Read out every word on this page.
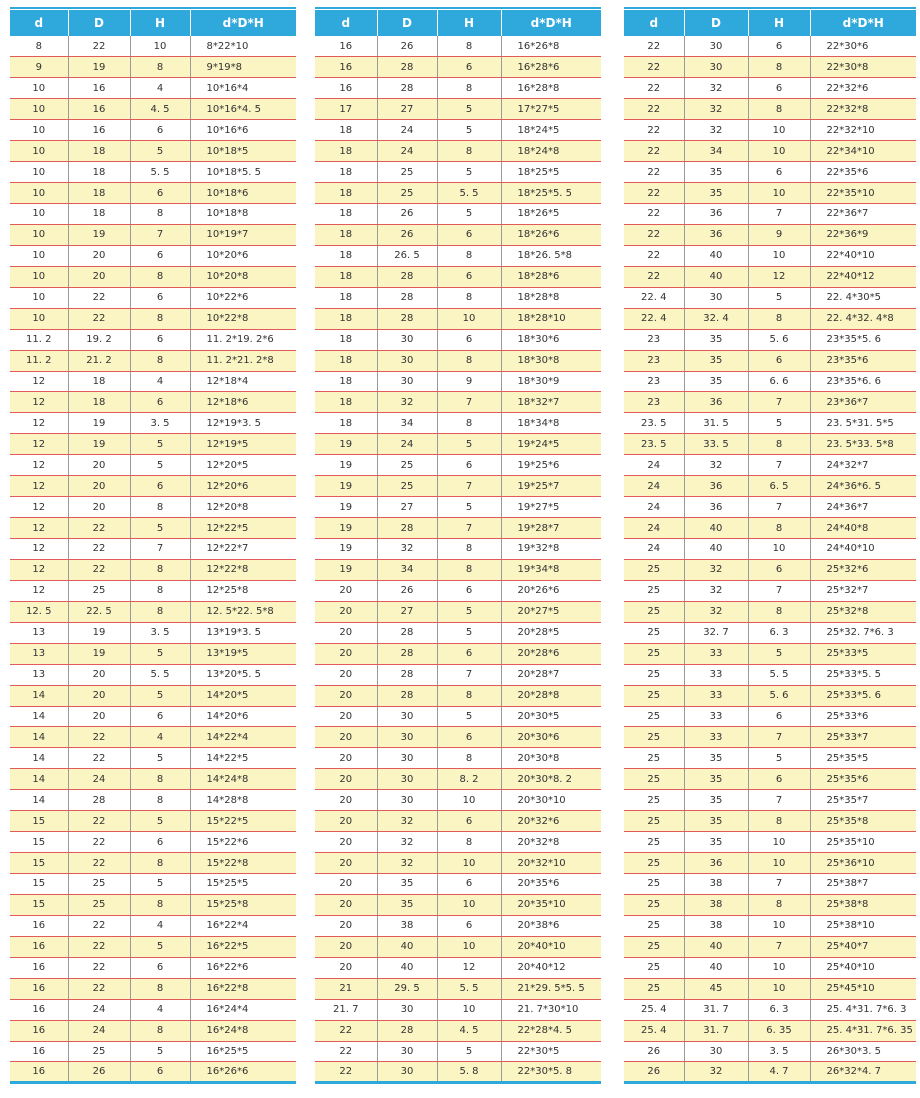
d	D	H	d*D*H
8	22	10	8*22*10
9	19	8	9*19*8
10	16	4	10*16*4
10	16	4. 5	10*16*4. 5
10	16	6	10*16*6
10	18	5	10*18*5
10	18	5. 5	10*18*5. 5
10	18	6	10*18*6
10	18	8	10*18*8
10	19	7	10*19*7
10	20	6	10*20*6
10	20	8	10*20*8
10	22	6	10*22*6
10	22	8	10*22*8
11. 2	19. 2	6	11. 2*19. 2*6
11. 2	21. 2	8	11. 2*21. 2*8
12	18	4	12*18*4
12	18	6	12*18*6
12	19	3. 5	12*19*3. 5
12	19	5	12*19*5
12	20	5	12*20*5
12	20	6	12*20*6
12	20	8	12*20*8
12	22	5	12*22*5
12	22	7	12*22*7
12	22	8	12*22*8
12	25	8	12*25*8
12. 5	22. 5	8	12. 5*22. 5*8
13	19	3. 5	13*19*3. 5
13	19	5	13*19*5
13	20	5. 5	13*20*5. 5
14	20	5	14*20*5
14	20	6	14*20*6
14	22	4	14*22*4
14	22	5	14*22*5
14	24	8	14*24*8
14	28	8	14*28*8
15	22	5	15*22*5
15	22	6	15*22*6
15	22	8	15*22*8
15	25	5	15*25*5
15	25	8	15*25*8
16	22	4	16*22*4
16	22	5	16*22*5
16	22	6	16*22*6
16	22	8	16*22*8
16	24	4	16*24*4
16	24	8	16*24*8
16	25	5	16*25*5
16	26	6	16*26*6
d	D	H	d*D*H
16	26	8	16*26*8
16	28	6	16*28*6
16	28	8	16*28*8
17	27	5	17*27*5
18	24	5	18*24*5
18	24	8	18*24*8
18	25	5	18*25*5
18	25	5. 5	18*25*5. 5
18	26	5	18*26*5
18	26	6	18*26*6
18	26. 5	8	18*26. 5*8
18	28	6	18*28*6
18	28	8	18*28*8
18	28	10	18*28*10
18	30	6	18*30*6
18	30	8	18*30*8
18	30	9	18*30*9
18	32	7	18*32*7
18	34	8	18*34*8
19	24	5	19*24*5
19	25	6	19*25*6
19	25	7	19*25*7
19	27	5	19*27*5
19	28	7	19*28*7
19	32	8	19*32*8
19	34	8	19*34*8
20	26	6	20*26*6
20	27	5	20*27*5
20	28	5	20*28*5
20	28	6	20*28*6
20	28	7	20*28*7
20	28	8	20*28*8
20	30	5	20*30*5
20	30	6	20*30*6
20	30	8	20*30*8
20	30	8. 2	20*30*8. 2
20	30	10	20*30*10
20	32	6	20*32*6
20	32	8	20*32*8
20	32	10	20*32*10
20	35	6	20*35*6
20	35	10	20*35*10
20	38	6	20*38*6
20	40	10	20*40*10
20	40	12	20*40*12
21	29. 5	5. 5	21*29. 5*5. 5
21. 7	30	10	21. 7*30*10
22	28	4. 5	22*28*4. 5
22	30	5	22*30*5
22	30	5. 8	22*30*5. 8
d	D	H	d*D*H
22	30	6	22*30*6
22	30	8	22*30*8
22	32	6	22*32*6
22	32	8	22*32*8
22	32	10	22*32*10
22	34	10	22*34*10
22	35	6	22*35*6
22	35	10	22*35*10
22	36	7	22*36*7
22	36	9	22*36*9
22	40	10	22*40*10
22	40	12	22*40*12
22. 4	30	5	22. 4*30*5
22. 4	32. 4	8	22. 4*32. 4*8
23	35	5. 6	23*35*5. 6
23	35	6	23*35*6
23	35	6. 6	23*35*6. 6
23	36	7	23*36*7
23. 5	31. 5	5	23. 5*31. 5*5
23. 5	33. 5	8	23. 5*33. 5*8
24	32	7	24*32*7
24	36	6. 5	24*36*6. 5
24	36	7	24*36*7
24	40	8	24*40*8
24	40	10	24*40*10
25	32	6	25*32*6
25	32	7	25*32*7
25	32	8	25*32*8
25	32. 7	6. 3	25*32. 7*6. 3
25	33	5	25*33*5
25	33	5. 5	25*33*5. 5
25	33	5. 6	25*33*5. 6
25	33	6	25*33*6
25	33	7	25*33*7
25	35	5	25*35*5
25	35	6	25*35*6
25	35	7	25*35*7
25	35	8	25*35*8
25	35	10	25*35*10
25	36	10	25*36*10
25	38	7	25*38*7
25	38	8	25*38*8
25	38	10	25*38*10
25	40	7	25*40*7
25	40	10	25*40*10
25	45	10	25*45*10
25. 4	31. 7	6. 3	25. 4*31. 7*6. 3
25. 4	31. 7	6. 35	25. 4*31. 7*6. 35
26	30	3. 5	26*30*3. 5
26	32	4. 7	26*32*4. 7
